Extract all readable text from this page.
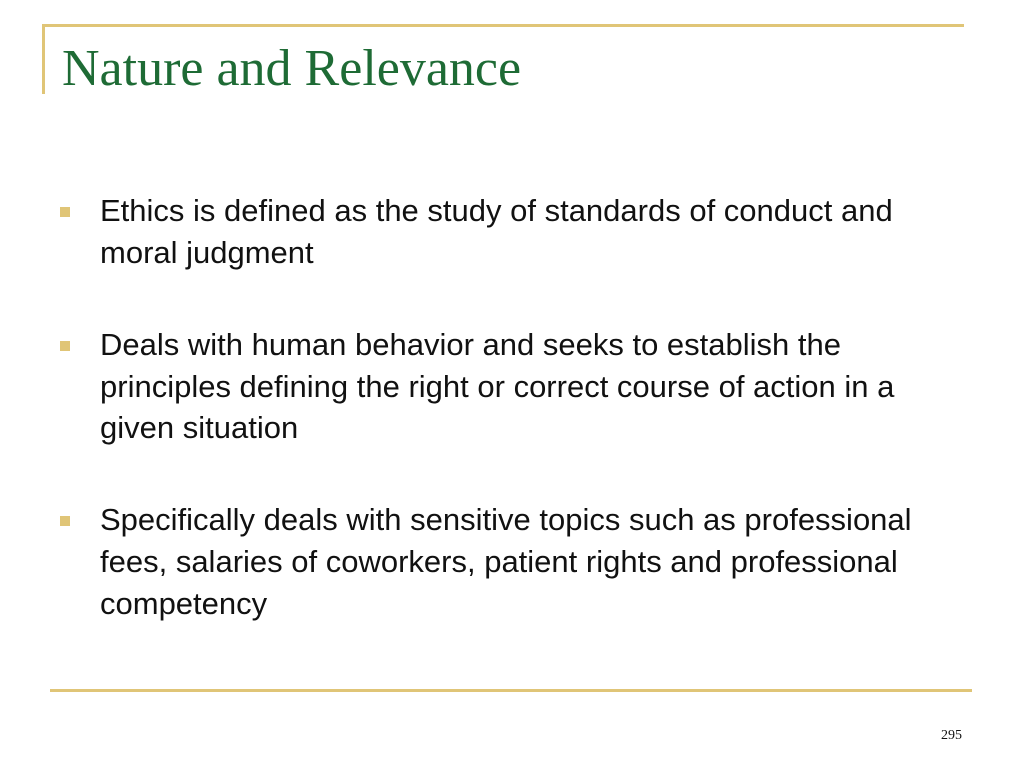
Nature and Relevance
Ethics is defined as the study of standards of conduct and moral judgment
Deals with human behavior and seeks to establish the principles defining the right or correct course of action in a given situation
Specifically deals with sensitive topics such as professional fees, salaries of coworkers, patient rights and professional competency
295
